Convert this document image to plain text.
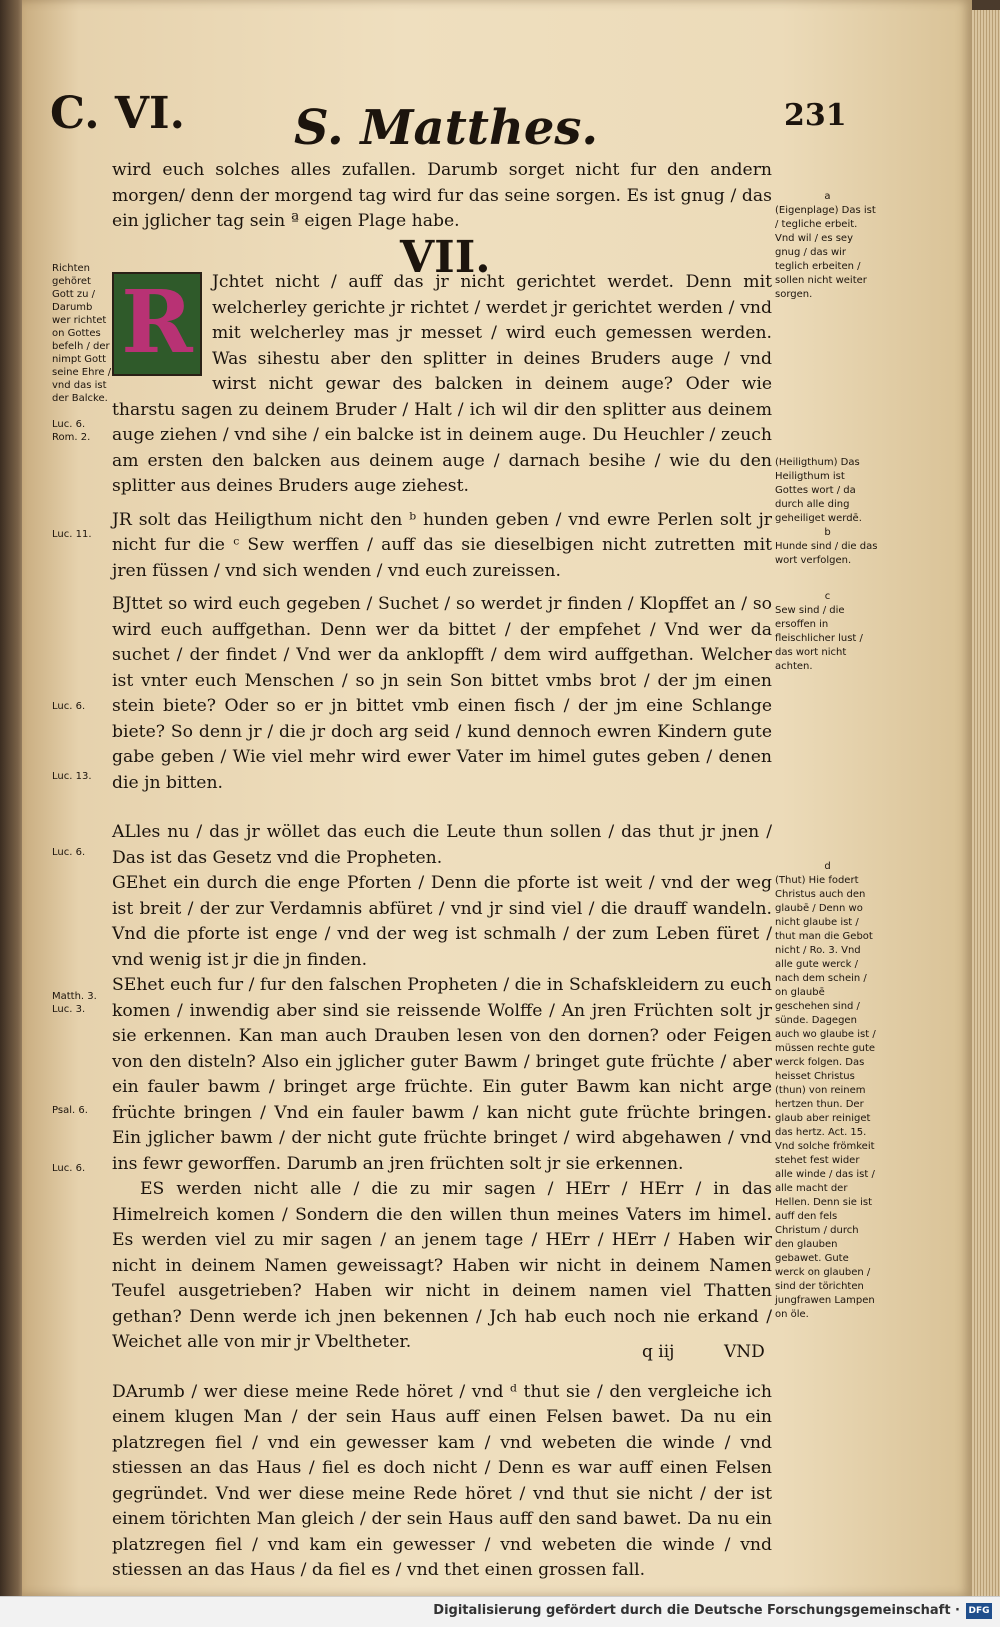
C. VI. S. Matthes.	231

wird euch solches alles zufallen. Darumb sorget nicht fur den andern morgen/ denn der morgend tag wird fur das seine sorgen. Es ist gnug / das ein jglicher tag sein ª eigen Plage habe.

VII.
R	Jchtet nicht / auff das jr nicht gerichtet werdet. Denn mit welcherley gerichte jr richtet / werdet jr gerichtet werden / vnd mit welcherley mas jr messet / wird euch gemessen werden. Was sihestu aber den splitter in deines Bruders auge / vnd wirst nicht gewar des balcken in deinem auge? Oder wie tharstu sagen zu deinem Bruder / Halt / ich wil dir den splitter aus deinem auge ziehen / vnd sihe / ein balcke ist in deinem auge. Du Heuchler / zeuch am ersten den balcken aus deinem auge / darnach besihe / wie du den splitter aus deines Bruders auge ziehest.

JR solt das Heiligthum nicht den ᵇ hunden geben / vnd ewre Perlen solt jr nicht fur die ᶜ Sew werffen / auff das sie dieselbigen nicht zutretten mit jren füssen / vnd sich wenden / vnd euch zureissen.

BJttet so wird euch gegeben / Suchet / so werdet jr finden / Klopffet an / so wird euch auffgethan. Denn wer da bittet / der empfehet / Vnd wer da suchet / der findet / Vnd wer da anklopfft / dem wird auffgethan. Welcher ist vnter euch Menschen / so jn sein Son bittet vmbs brot / der jm einen stein biete? Oder so er jn bittet vmb einen fisch / der jm eine Schlange biete? So denn jr / die jr doch arg seid / kund dennoch ewren Kindern gute gabe geben / Wie viel mehr wird ewer Vater im himel gutes geben / denen die jn bitten.

ALles nu / das jr wöllet das euch die Leute thun sollen / das thut jr jnen / Das ist das Gesetz vnd die Propheten.

GEhet ein durch die enge Pforten / Denn die pforte ist weit / vnd der weg ist breit / der zur Verdamnis abfüret / vnd jr sind viel / die drauff wandeln. Vnd die pforte ist enge / vnd der weg ist schmalh / der zum Leben füret / vnd wenig ist jr die jn finden.

SEhet euch fur / fur den falschen Propheten / die in Schafskleidern zu euch komen / inwendig aber sind sie reissende Wolffe / An jren Früchten solt jr sie erkennen. Kan man auch Drauben lesen von den dornen? oder Feigen von den disteln? Also ein jglicher guter Bawm / bringet gute früchte / aber ein fauler bawm / bringet arge früchte. Ein guter Bawm kan nicht arge früchte bringen / Vnd ein fauler bawm / kan nicht gute früchte bringen. Ein jglicher bawm / der nicht gute früchte bringet / wird abgehawen / vnd ins fewr geworffen. Darumb an jren früchten solt jr sie erkennen.

ES werden nicht alle / die zu mir sagen / HErr / HErr / in das Himelreich komen / Sondern die den willen thun meines Vaters im himel. Es werden viel zu mir sagen / an jenem tage / HErr / HErr / Haben wir nicht in deinem Namen geweissagt? Haben wir nicht in deinem Namen Teufel ausgetrieben? Haben wir nicht in deinem namen viel Thatten gethan? Denn werde ich jnen bekennen / Jch hab euch noch nie erkand / Weichet alle von mir jr Vbeltheter.

DArumb / wer diese meine Rede höret / vnd ᵈ thut sie / den vergleiche ich einem klugen Man / der sein Haus auff einen Felsen bawet. Da nu ein platzregen fiel / vnd ein gewesser kam / vnd webeten die winde / vnd stiessen an das Haus / fiel es doch nicht / Denn es war auff einen Felsen gegründet. Vnd wer diese meine Rede höret / vnd thut sie nicht / der ist einem törichten Man gleich / der sein Haus auff den sand bawet. Da nu ein platzregen fiel / vnd kam ein gewesser / vnd webeten die winde / vnd stiessen an das Haus / da fiel es / vnd thet einen grossen fall.

q iij	VND
a
(Eigenplage) Das ist / tegliche erbeit. Vnd wil / es sey gnug / das wir teglich erbeiten / sollen nicht weiter sorgen.
(Heiligthum) Das Heiligthum ist Gottes wort / da durch alle ding geheiliget werdē.
b
Hunde sind / die das wort verfolgen.
c
Sew sind / die ersoffen in fleischlicher lust / das wort nicht achten.
d
(Thut) Hie fodert Christus auch den glaubē / Denn wo nicht glaube ist / thut man die Gebot nicht / Ro. 3. Vnd alle gute werck / nach dem schein / on glaubē geschehen sind / sünde. Dagegen auch wo glaube ist / müssen rechte gute werck folgen. Das heisset Christus (thun) von reinem hertzen thun. Der glaub aber reiniget das hertz. Act. 15. Vnd solche frömkeit stehet fest wider alle winde / das ist / alle macht der Hellen. Denn sie ist auff den fels Christum / durch den glauben gebawet. Gute werck on glauben / sind der törichten jungfrawen Lampen on öle.
Richten gehöret Gott zu / Darumb wer richtet on Gottes befelh / der nimpt Gott seine Ehre / vnd das ist der Balcke.
Luc. 6. Rom. 2.
Luc. 11.
Luc. 6.
Luc. 13.
Luc. 6.
Matth. 3. Luc. 3.
Psal. 6.
Luc. 6.
Digitalisierung gefördert durch die Deutsche Forschungsgemeinschaft · DFG
